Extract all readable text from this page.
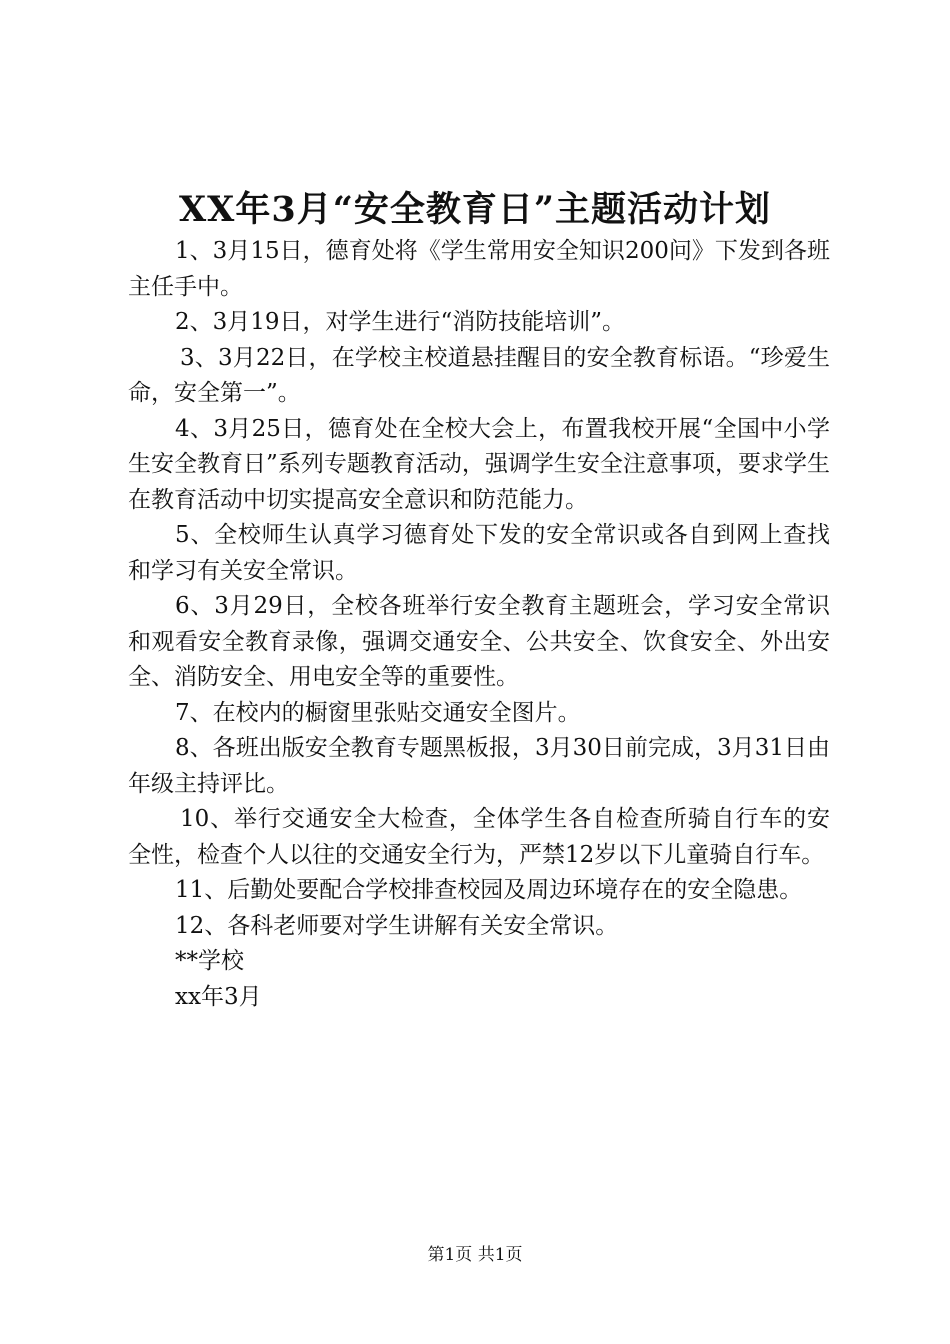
XX年3月“安全教育日”主题活动计划

1、3月15日，德育处将《学生常用安全知识200问》下发到各班主任手中。

2、3月19日，对学生进行“消防技能培训”。

3、3月22日，在学校主校道悬挂醒目的安全教育标语。“珍爱生命，安全第一”。

4、3月25日，德育处在全校大会上，布置我校开展“全国中小学生安全教育日”系列专题教育活动，强调学生安全注意事项，要求学生在教育活动中切实提高安全意识和防范能力。

5、全校师生认真学习德育处下发的安全常识或各自到网上查找和学习有关安全常识。

6、3月29日，全校各班举行安全教育主题班会，学习安全常识和观看安全教育录像，强调交通安全、公共安全、饮食安全、外出安全、消防安全、用电安全等的重要性。

7、在校内的橱窗里张贴交通安全图片。

8、各班出版安全教育专题黑板报，3月30日前完成，3月31日由年级主持评比。

10、举行交通安全大检查，全体学生各自检查所骑自行车的安全性，检查个人以往的交通安全行为，严禁12岁以下儿童骑自行车。

11、后勤处要配合学校排查校园及周边环境存在的安全隐患。

12、各科老师要对学生讲解有关安全常识。

**学校

xx年3月

第1页 共1页
